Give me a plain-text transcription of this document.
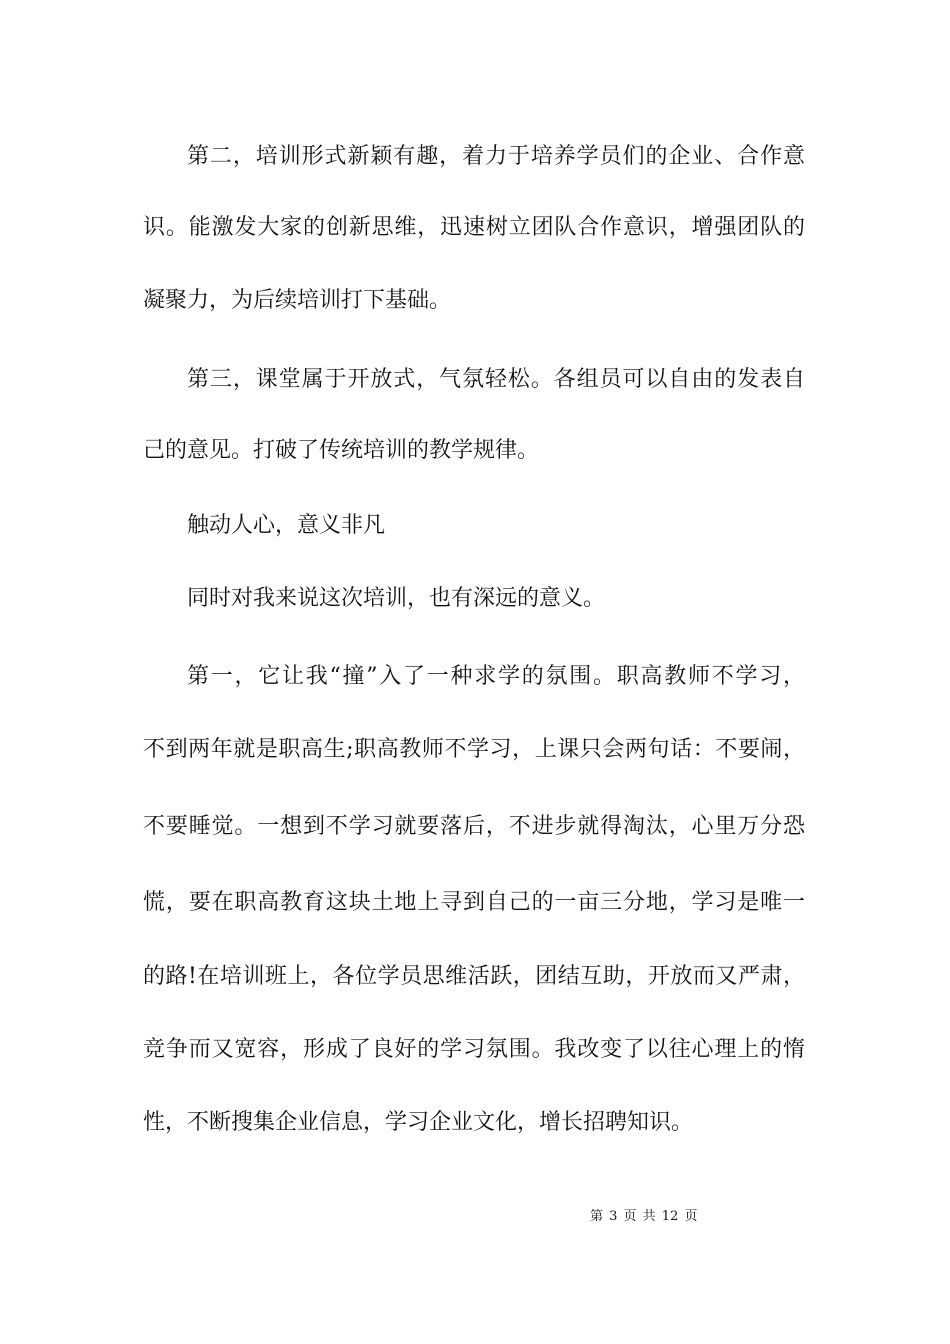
第二，培训形式新颖有趣，着力于培养学员们的企业、合作意
识。能激发大家的创新思维，迅速树立团队合作意识，增强团队的
凝聚力，为后续培训打下基础。
第三，课堂属于开放式，气氛轻松。各组员可以自由的发表自
己的意见。打破了传统培训的教学规律。
触动人心，意义非凡
同时对我来说这次培训，也有深远的意义。
第一，它让我“撞”入了一种求学的氛围。职高教师不学习，
不到两年就是职高生;职高教师不学习，上课只会两句话：不要闹，
不要睡觉。一想到不学习就要落后，不进步就得淘汰，心里万分恐
慌，要在职高教育这块土地上寻到自己的一亩三分地，学习是唯一
的路!在培训班上，各位学员思维活跃，团结互助，开放而又严肃，
竞争而又宽容，形成了良好的学习氛围。我改变了以往心理上的惰
性，不断搜集企业信息，学习企业文化，增长招聘知识。
第 3 页 共 12 页
